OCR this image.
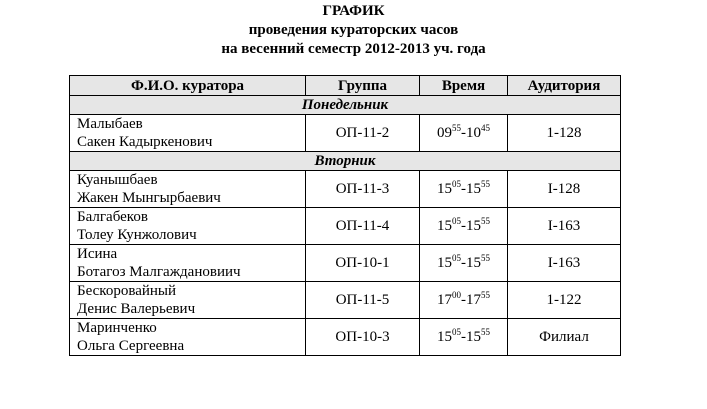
ГРАФИК
проведения кураторских часов
на весенний семестр 2012-2013 уч. года
Ф.И.О. куратора	Группа	Время	Аудитория
Понедельник			

Малыбаев
Сакен Кадыркенович	ОП-11-2	$09^{55}-10^{45}$	1-128
Вторник			

Куанышбаев
Жакен Мынгырбаевич	ОП-11-3	$15^{05}-15^{55}$	I-128

Балгабеков
Толеу Кунжолович	ОП-11-4	$15^{05}-15^{55}$	I-163

Исина
Ботагоз Малгаждановиич	ОП-10-1	$15^{05}-15^{55}$	I-163

Бескоровайный
Денис Валерьевич	ОП-11-5	$17^{00}-17^{55}$	1-122

Маринченко
Ольга Сергеевна	ОП-10-3	$15^{05}-15^{55}$	Филиал
